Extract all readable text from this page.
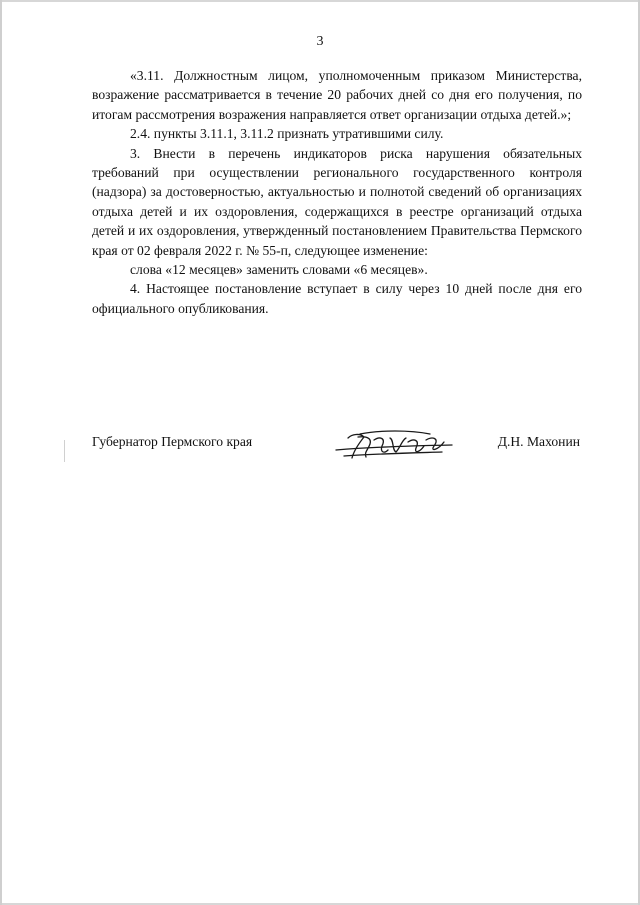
3

«3.11. Должностным лицом, уполномоченным приказом Министерства, возражение рассматривается в течение 20 рабочих дней со дня его получения, по итогам рассмотрения возражения направляется ответ организации отдыха детей.»;

2.4. пункты 3.11.1, 3.11.2 признать утратившими силу.

3. Внести в перечень индикаторов риска нарушения обязательных требований при осуществлении регионального государственного контроля (надзора) за достоверностью, актуальностью и полнотой сведений об организациях отдыха детей и их оздоровления, содержащихся в реестре организаций отдыха детей и их оздоровления, утвержденный постановлением Правительства Пермского края от 02 февраля 2022 г. № 55-п, следующее изменение:

слова «12 месяцев» заменить словами «6 месяцев».

4. Настоящее постановление вступает в силу через 10 дней после дня его официального опубликования.

Губернатор Пермского края	Д.Н. Махонин
